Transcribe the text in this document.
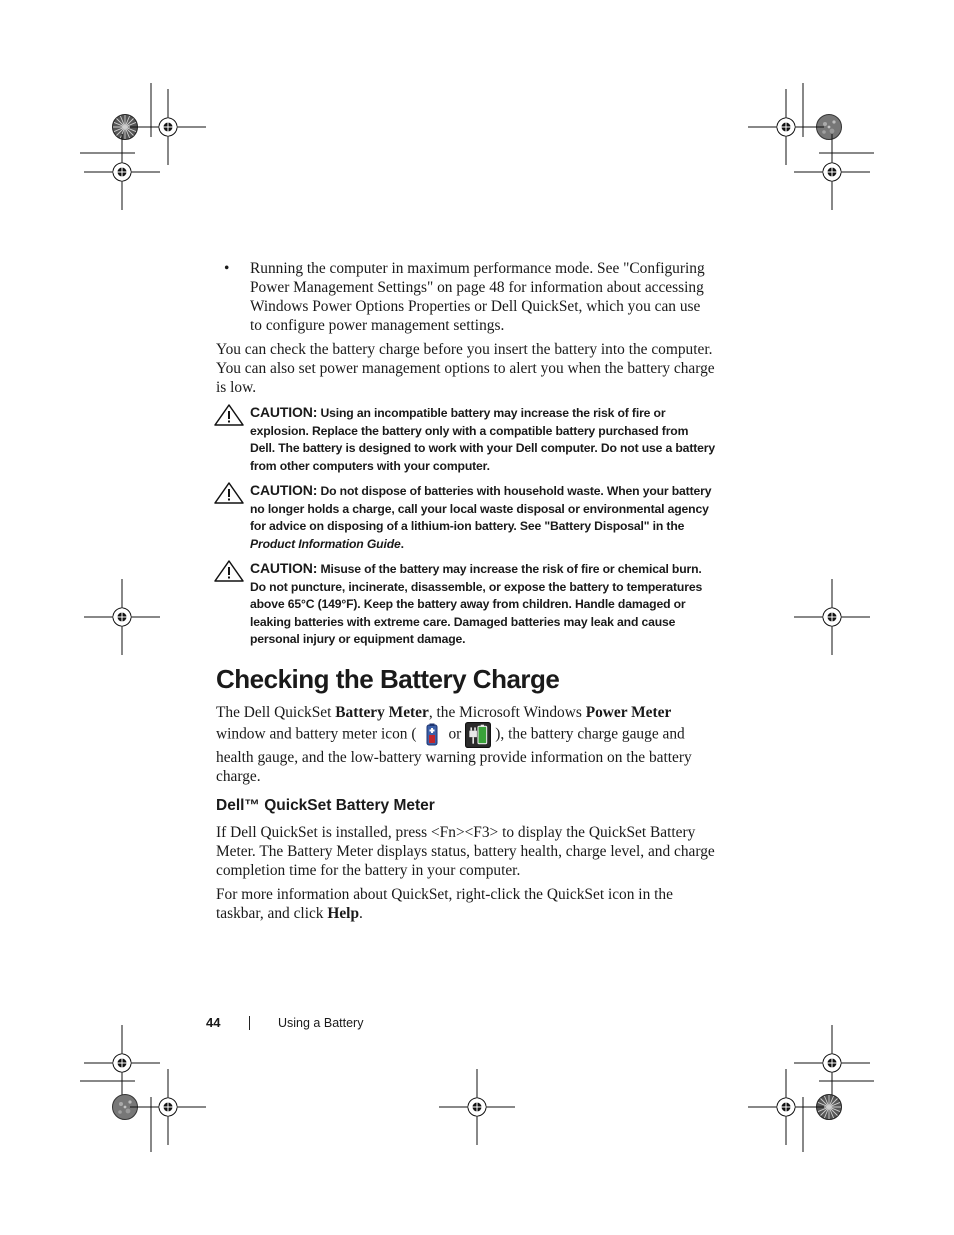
• Running the computer in maximum performance mode. See "Configuring Power Management Settings" on page 48 for information about accessing Windows Power Options Properties or Dell QuickSet, which you can use to configure power management settings.

You can check the battery charge before you insert the battery into the computer. You can also set power management options to alert you when the battery charge is low.

CAUTION: Using an incompatible battery may increase the risk of fire or explosion. Replace the battery only with a compatible battery purchased from Dell. The battery is designed to work with your Dell computer. Do not use a battery from other computers with your computer.
CAUTION: Do not dispose of batteries with household waste. When your battery no longer holds a charge, call your local waste disposal or environmental agency for advice on disposing of a lithium-ion battery. See "Battery Disposal" in the Product Information Guide.
CAUTION: Misuse of the battery may increase the risk of fire or chemical burn. Do not puncture, incinerate, disassemble, or expose the battery to temperatures above 65°C (149°F). Keep the battery away from children. Handle damaged or leaking batteries with extreme care. Damaged batteries may leak and cause personal injury or equipment damage.
Checking the Battery Charge

The Dell QuickSet Battery Meter, the Microsoft Windows Power Meter window and battery meter icon ( or ), the battery charge gauge and health gauge, and the low-battery warning provide information on the battery charge.

Dell™ QuickSet Battery Meter

If Dell QuickSet is installed, press <Fn><F3> to display the QuickSet Battery Meter. The Battery Meter displays status, battery health, charge level, and charge completion time for the battery in your computer.

For more information about QuickSet, right-click the QuickSet icon in the taskbar, and click Help.

44	Using a Battery
